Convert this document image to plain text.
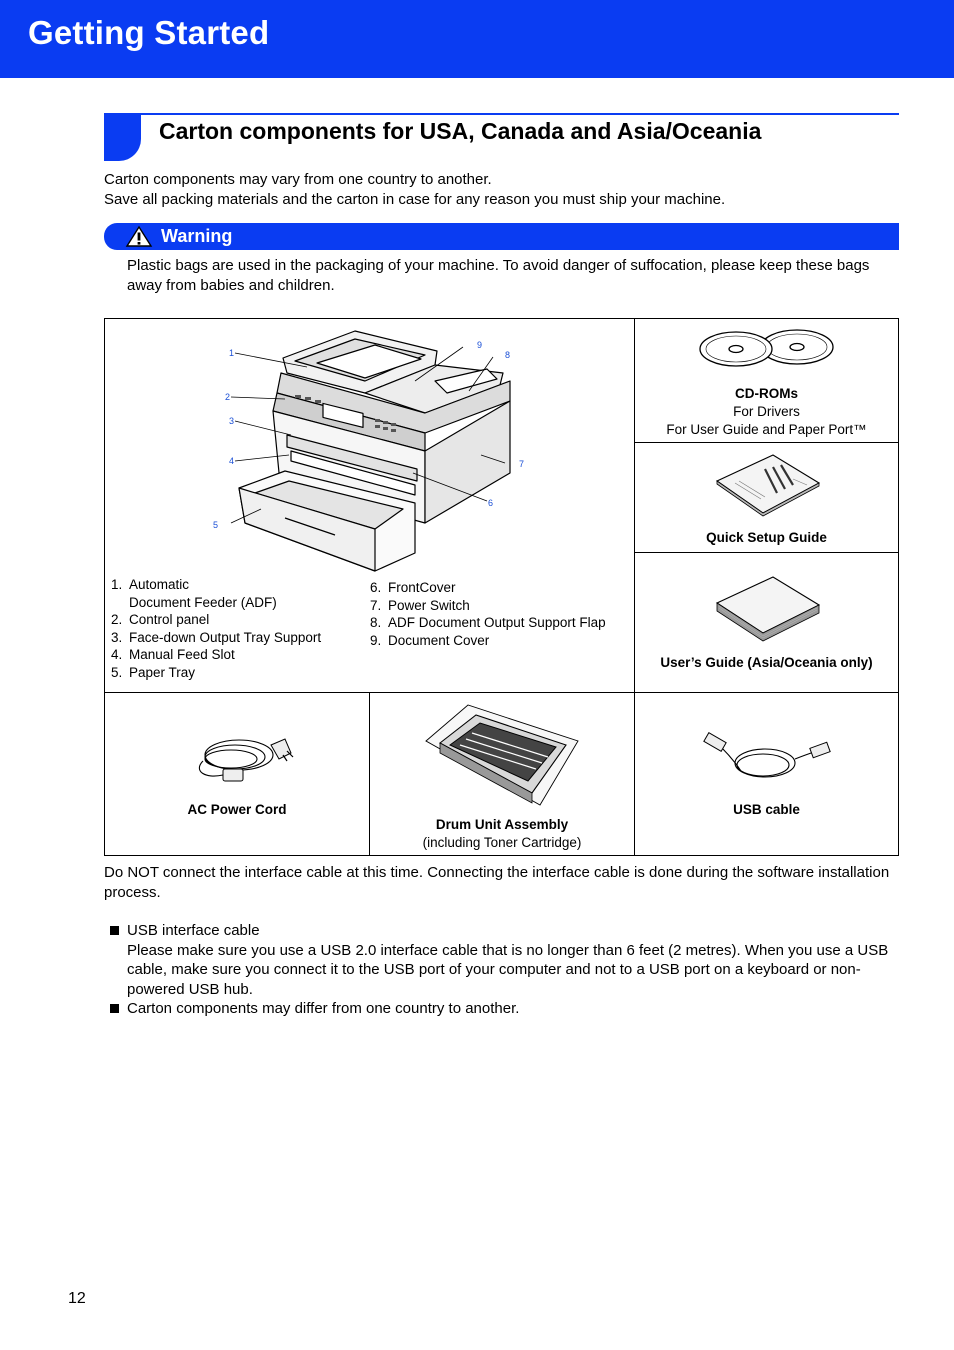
Getting Started
Carton components for USA, Canada and Asia/Oceania

Carton components may vary from one country to another.

Save all packing materials and the carton in case for any reason you must ship your machine.

Warning

Plastic bags are used in the packaging of your machine. To avoid danger of suffocation, please keep these bags away from babies and children.

1
2
3
4
5
6
7
8
9
1. Automatic
Document Feeder (ADF)
2. Control panel
3. Face-down Output Tray Support
4. Manual Feed Slot
5. Paper Tray
6. FrontCover
7. Power Switch
8. ADF Document Output Support Flap
9. Document Cover
CD-ROMs
For Drivers
For User Guide and Paper Port™
Quick Setup Guide
User’s Guide (Asia/Oceania only)
AC Power Cord
Drum Unit Assembly
(including Toner Cartridge)
USB cable

Do NOT connect the interface cable at this time. Connecting the interface cable is done during the software installation process.

USB interface cable
Please make sure you use a USB 2.0 interface cable that is no longer than 6 feet (2 metres). When you use a USB cable, make sure you connect it to the USB port of your computer and not to a USB port on a keyboard or non-powered USB hub.
Carton components may differ from one country to another.
12
